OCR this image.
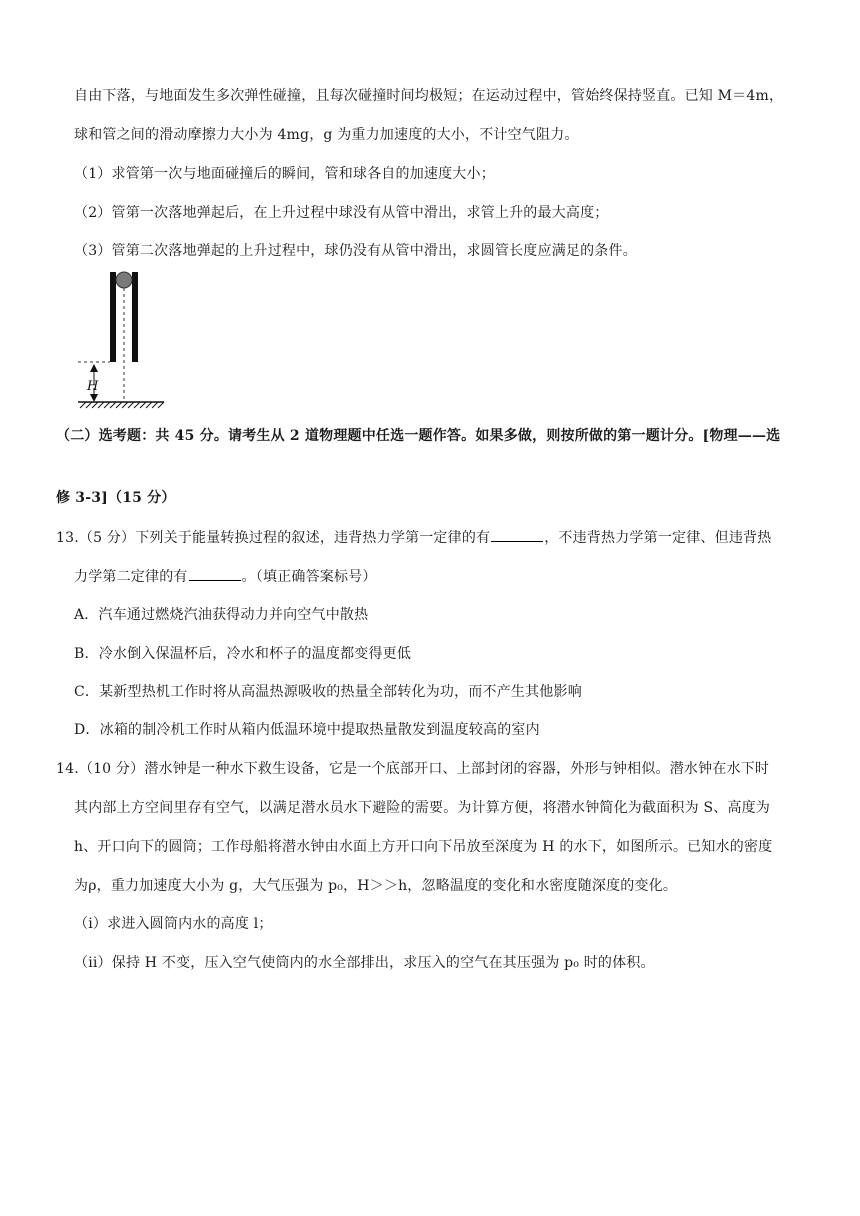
自由下落，与地面发生多次弹性碰撞，且每次碰撞时间均极短；在运动过程中，管始终保持竖直。已知 M＝4m，
球和管之间的滑动摩擦力大小为 4mg，g 为重力加速度的大小，不计空气阻力。
（1）求管第一次与地面碰撞后的瞬间，管和球各自的加速度大小；
（2）管第一次落地弹起后，在上升过程中球没有从管中滑出，求管上升的最大高度；
（3）管第二次落地弹起的上升过程中，球仍没有从管中滑出，求圆管长度应满足的条件。
H
（二）选考题：共 45 分。请考生从 2 道物理题中任选一题作答。如果多做，则按所做的第一题计分。[物理——选
修 3-3]（15 分）
13.（5 分）下列关于能量转换过程的叙述，违背热力学第一定律的有	，不违背热力学第一定律、但违背热
力学第二定律的有	。（填正确答案标号）
A．汽车通过燃烧汽油获得动力并向空气中散热
B．冷水倒入保温杯后，冷水和杯子的温度都变得更低
C．某新型热机工作时将从高温热源吸收的热量全部转化为功，而不产生其他影响
D．冰箱的制冷机工作时从箱内低温环境中提取热量散发到温度较高的室内
14.（10 分）潜水钟是一种水下救生设备，它是一个底部开口、上部封闭的容器，外形与钟相似。潜水钟在水下时
其内部上方空间里存有空气，以满足潜水员水下避险的需要。为计算方便，将潜水钟简化为截面积为 S、高度为
h、开口向下的圆筒；工作母船将潜水钟由水面上方开口向下吊放至深度为 H 的水下，如图所示。已知水的密度
为ρ，重力加速度大小为 g，大气压强为 p₀，H＞＞h，忽略温度的变化和水密度随深度的变化。
（i）求进入圆筒内水的高度 l；
（ii）保持 H 不变，压入空气使筒内的水全部排出，求压入的空气在其压强为 p₀ 时的体积。
